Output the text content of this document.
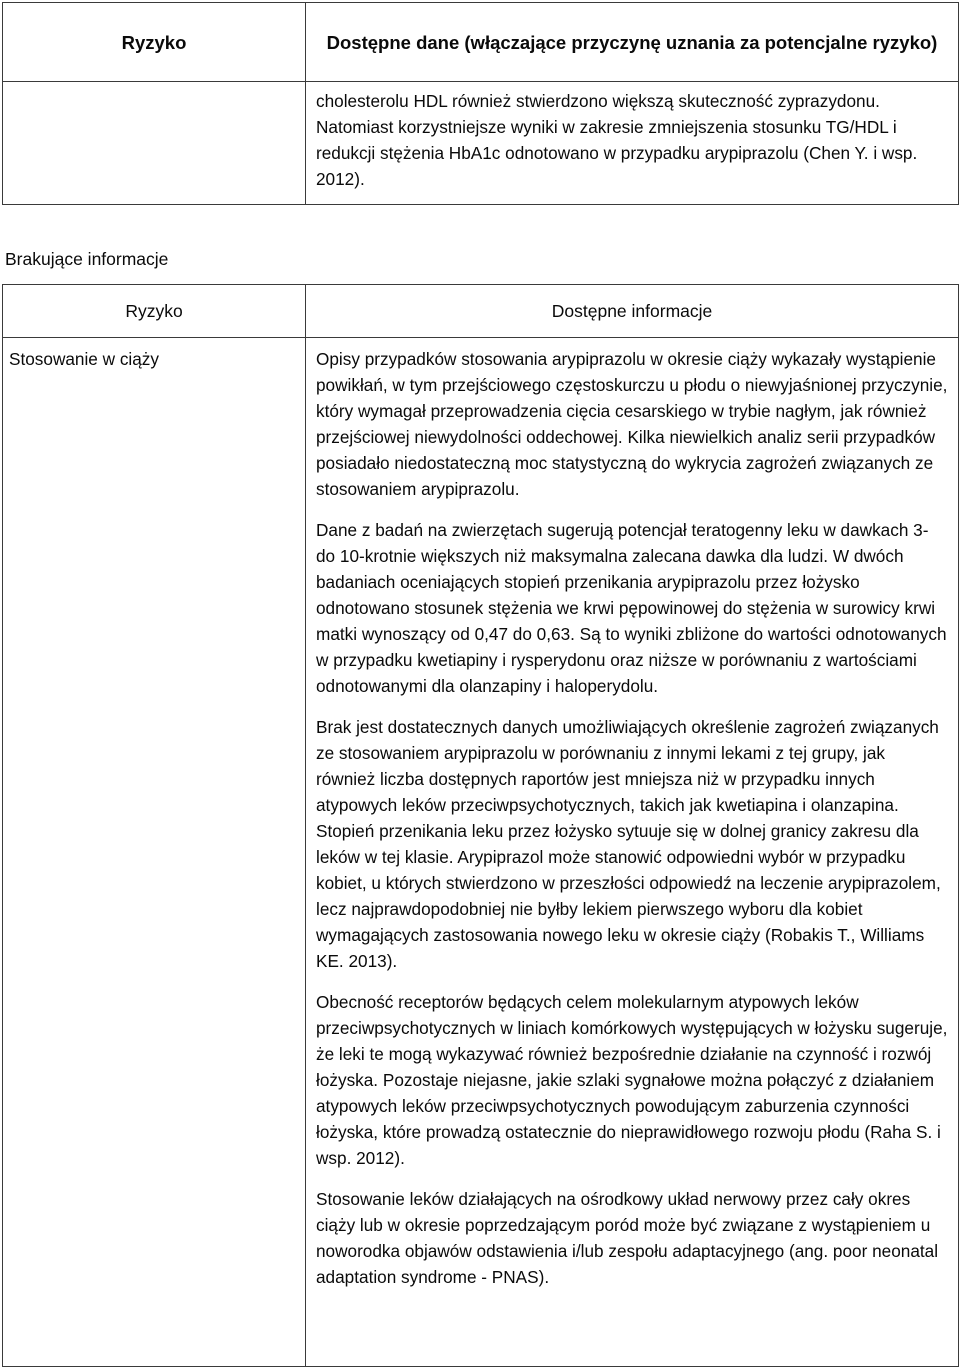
Ryzyko	Dostępne dane (włączające przyczynę uznania za potencjalne ryzyko)
	cholesterolu HDL również stwierdzono większą skuteczność zyprazydonu. Natomiast korzystniejsze wyniki w zakresie zmniejszenia stosunku TG/HDL i redukcji stężenia HbA1c odnotowano w przypadku arypiprazolu (Chen Y. i wsp. 2012).
Brakujące informacje
Ryzyko	Dostępne informacje
Stosowanie w ciąży	Opisy przypadków stosowania arypiprazolu w okresie ciąży wykazały wystąpienie powikłań, w tym przejściowego częstoskurczu u płodu o niewyjaśnionej przyczynie, który wymagał przeprowadzenia cięcia cesarskiego w trybie nagłym, jak również przejściowej niewydolności oddechowej. Kilka niewielkich analiz serii przypadków posiadało niedostateczną moc statystyczną do wykrycia zagrożeń związanych ze stosowaniem arypiprazolu.

Dane z badań na zwierzętach sugerują potencjał teratogenny leku w dawkach 3- do 10-krotnie większych niż maksymalna zalecana dawka dla ludzi. W dwóch badaniach oceniających stopień przenikania arypiprazolu przez łożysko odnotowano stosunek stężenia we krwi pępowinowej do stężenia w surowicy krwi matki wynoszący od 0,47 do 0,63. Są to wyniki zbliżone do wartości odnotowanych w przypadku kwetiapiny i rysperydonu oraz niższe w porównaniu z wartościami odnotowanymi dla olanzapiny i haloperydolu.

Brak jest dostatecznych danych umożliwiających określenie zagrożeń związanych ze stosowaniem arypiprazolu w porównaniu z innymi lekami z tej grupy, jak również liczba dostępnych raportów jest mniejsza niż w przypadku innych atypowych leków przeciwpsychotycznych, takich jak kwetiapina i olanzapina. Stopień przenikania leku przez łożysko sytuuje się w dolnej granicy zakresu dla leków w tej klasie. Arypiprazol może stanowić odpowiedni wybór w przypadku kobiet, u których stwierdzono w przeszłości odpowiedź na leczenie arypiprazolem, lecz najprawdopodobniej nie byłby lekiem pierwszego wyboru dla kobiet wymagających zastosowania nowego leku w okresie ciąży (Robakis T., Williams KE. 2013).

Obecność receptorów będących celem molekularnym atypowych leków przeciwpsychotycznych w liniach komórkowych występujących w łożysku sugeruje, że leki te mogą wykazywać również bezpośrednie działanie na czynność i rozwój łożyska. Pozostaje niejasne, jakie szlaki sygnałowe można połączyć z działaniem atypowych leków przeciwpsychotycznych powodującym zaburzenia czynności łożyska, które prowadzą ostatecznie do nieprawidłowego rozwoju płodu (Raha S. i wsp. 2012).

Stosowanie leków działających na ośrodkowy układ nerwowy przez cały okres ciąży lub w okresie poprzedzającym poród może być związane z wystąpieniem u noworodka objawów odstawienia i/lub zespołu adaptacyjnego (ang. poor neonatal adaptation syndrome - PNAS).
